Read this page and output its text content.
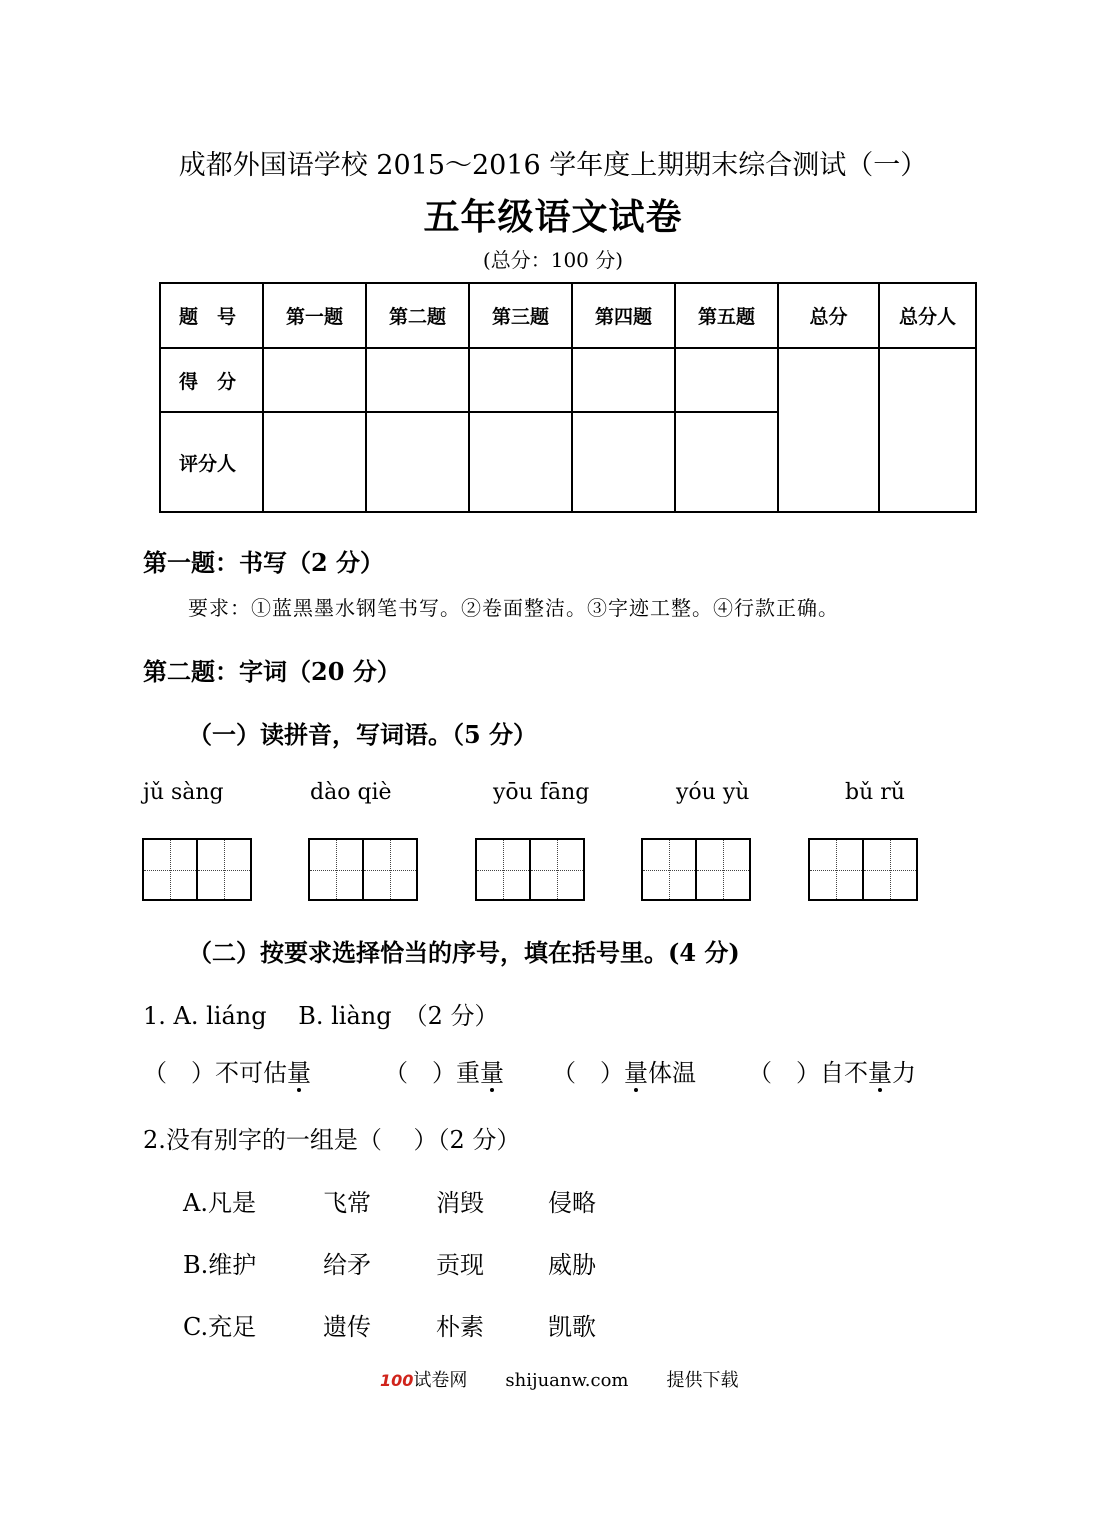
成都外国语学校 2015～2016 学年度上期期末综合测试（一）
五年级语文试卷
(总分：100 分)
题　号	第一题	第二题	第三题	第四题	第五题	总分	总分人
得　分							
评分人							
第一题：书写（2 分）
要求：①蓝黑墨水钢笔书写。②卷面整洁。③字迹工整。④行款正确。
第二题：字词（20 分）
（一）读拼音，写词语。（5 分）
jǔ sàng	dào qiè	yōu fāng	yóu yù	bǔ rǔ
（二）按要求选择恰当的序号，填在括号里。(4 分)
1. A. liáng　 B. liàng　（2 分）
（　）不可估量	（　）重量 （　）量体温 （　）自不量力
2.没有别字的一组是（　 ）（2 分）
A.凡是	飞常	消毁	侵略
B.维护	给矛	贡现	威胁
C.充足	遗传	朴素	凯歌
100试卷网 shijuanw.com 提供下载
